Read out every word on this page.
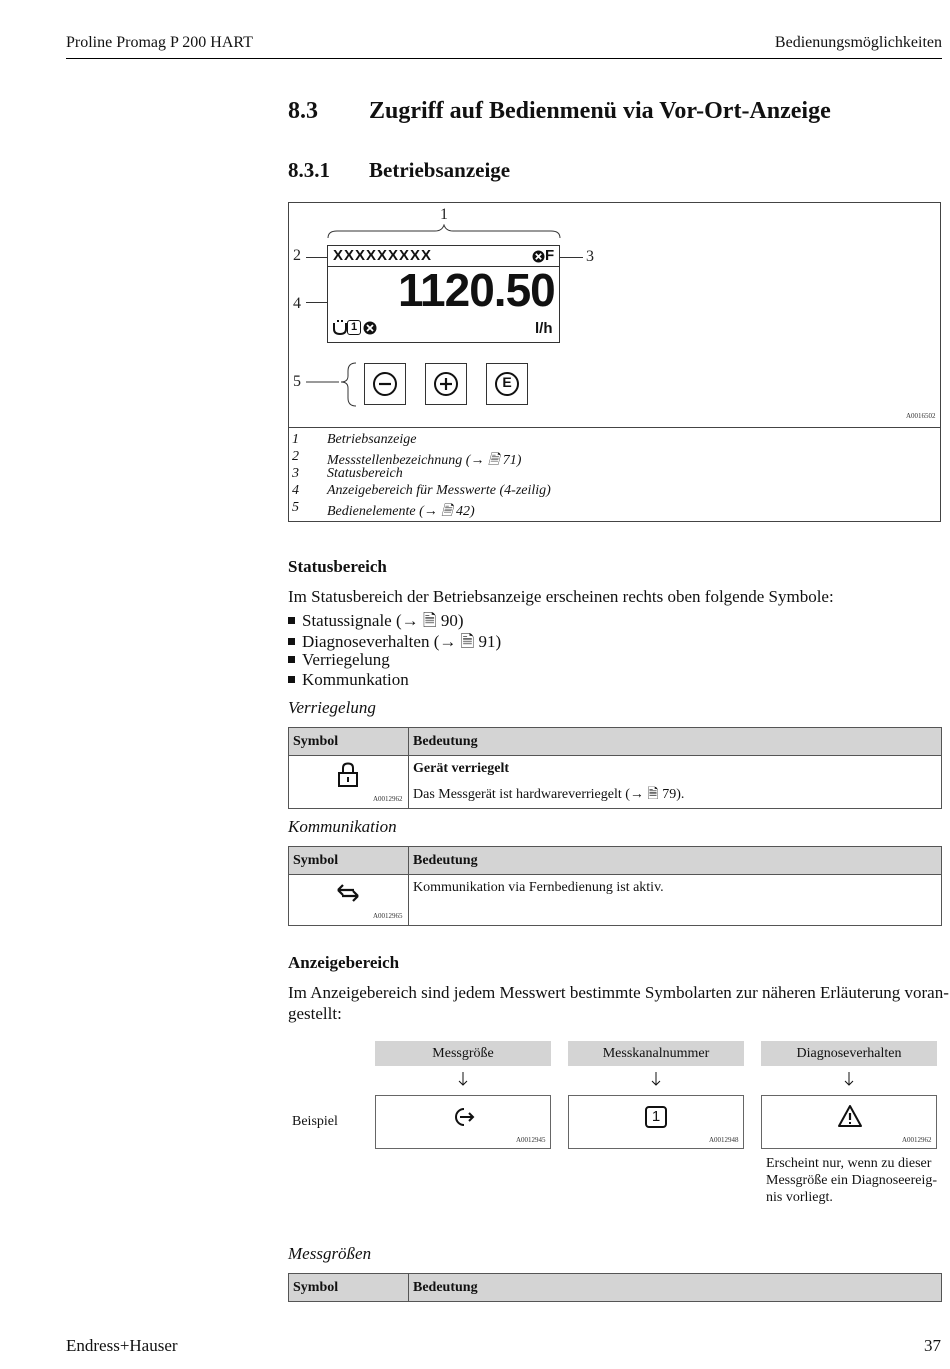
Proline Promag P 200 HART	Bedienungsmöglichkeiten
8.3 Zugriff auf Bedienmenü via Vor-Ort-Anzeige
8.3.1 Betriebsanzeige
1
2	3
4
5
XXXXXXXXX	F
1120.50
1	l/h
E
A0016502
1 Betriebsanzeige
2 Messstellenbezeichnung (→ 🗎 71)
3 Statusbereich
4 Anzeigebereich für Messwerte (4-zeilig)
5 Bedienelemente (→ 🗎 42)
Statusbereich
Im Statusbereich der Betriebsanzeige erscheinen rechts oben folgende Symbole:
Statussignale (→ 🗎 90)
Diagnoseverhalten (→ 🗎 91)
Verriegelung
Kommunkation
Verriegelung
Symbol	Bedeutung

A0012962	Gerät verriegelt
Das Messgerät ist hardwareverriegelt (→ 🗎 79).
Kommunikation
Symbol	Bedeutung

A0012965	Kommunikation via Fernbedienung ist aktiv.
Anzeigebereich
Im Anzeigebereich sind jedem Messwert bestimmte Symbolarten zur näheren Erläuterung voran-
gestellt:
Messgröße	Messkanalnummer	Diagnoseverhalten
Beispiel
A0012945
1
A0012948	A0012962
Erscheint nur, wenn zu dieser
Messgröße ein Diagnoseereig-
nis vorliegt.
Messgrößen
Symbol	Bedeutung
Endress+Hauser	37
